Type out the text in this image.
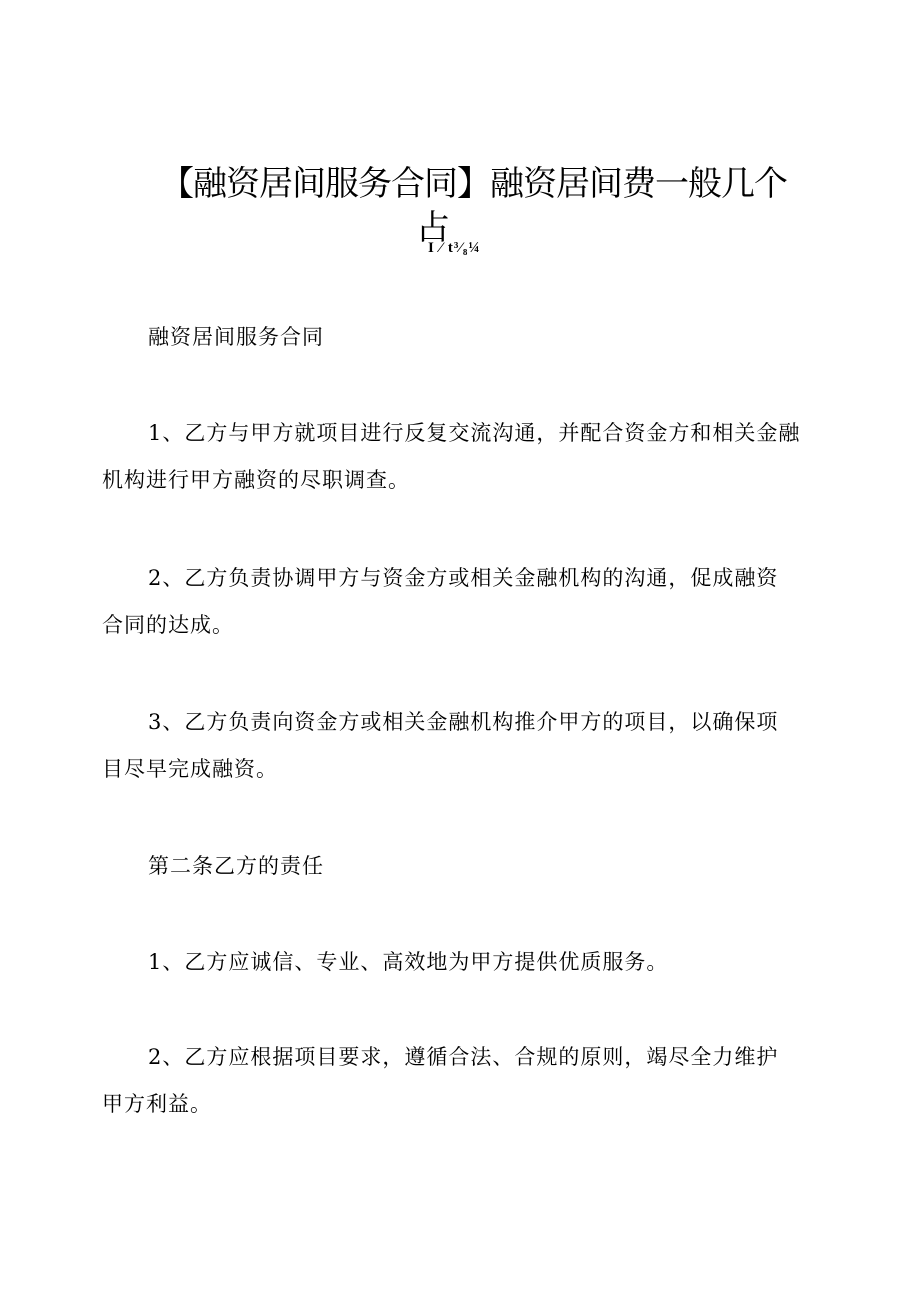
【融资居间服务合同】融资居间费一般几个
占
I ⁄ t³⁄₈¼

融资居间服务合同

1、乙方与甲方就项目进行反复交流沟通，并配合资金方和相关金融机构进行甲方融资的尽职调查。

2、乙方负责协调甲方与资金方或相关金融机构的沟通，促成融资合同的达成。

3、乙方负责向资金方或相关金融机构推介甲方的项目，以确保项目尽早完成融资。

第二条乙方的责任

1、乙方应诚信、专业、高效地为甲方提供优质服务。

2、乙方应根据项目要求，遵循合法、合规的原则，竭尽全力维护甲方利益。
